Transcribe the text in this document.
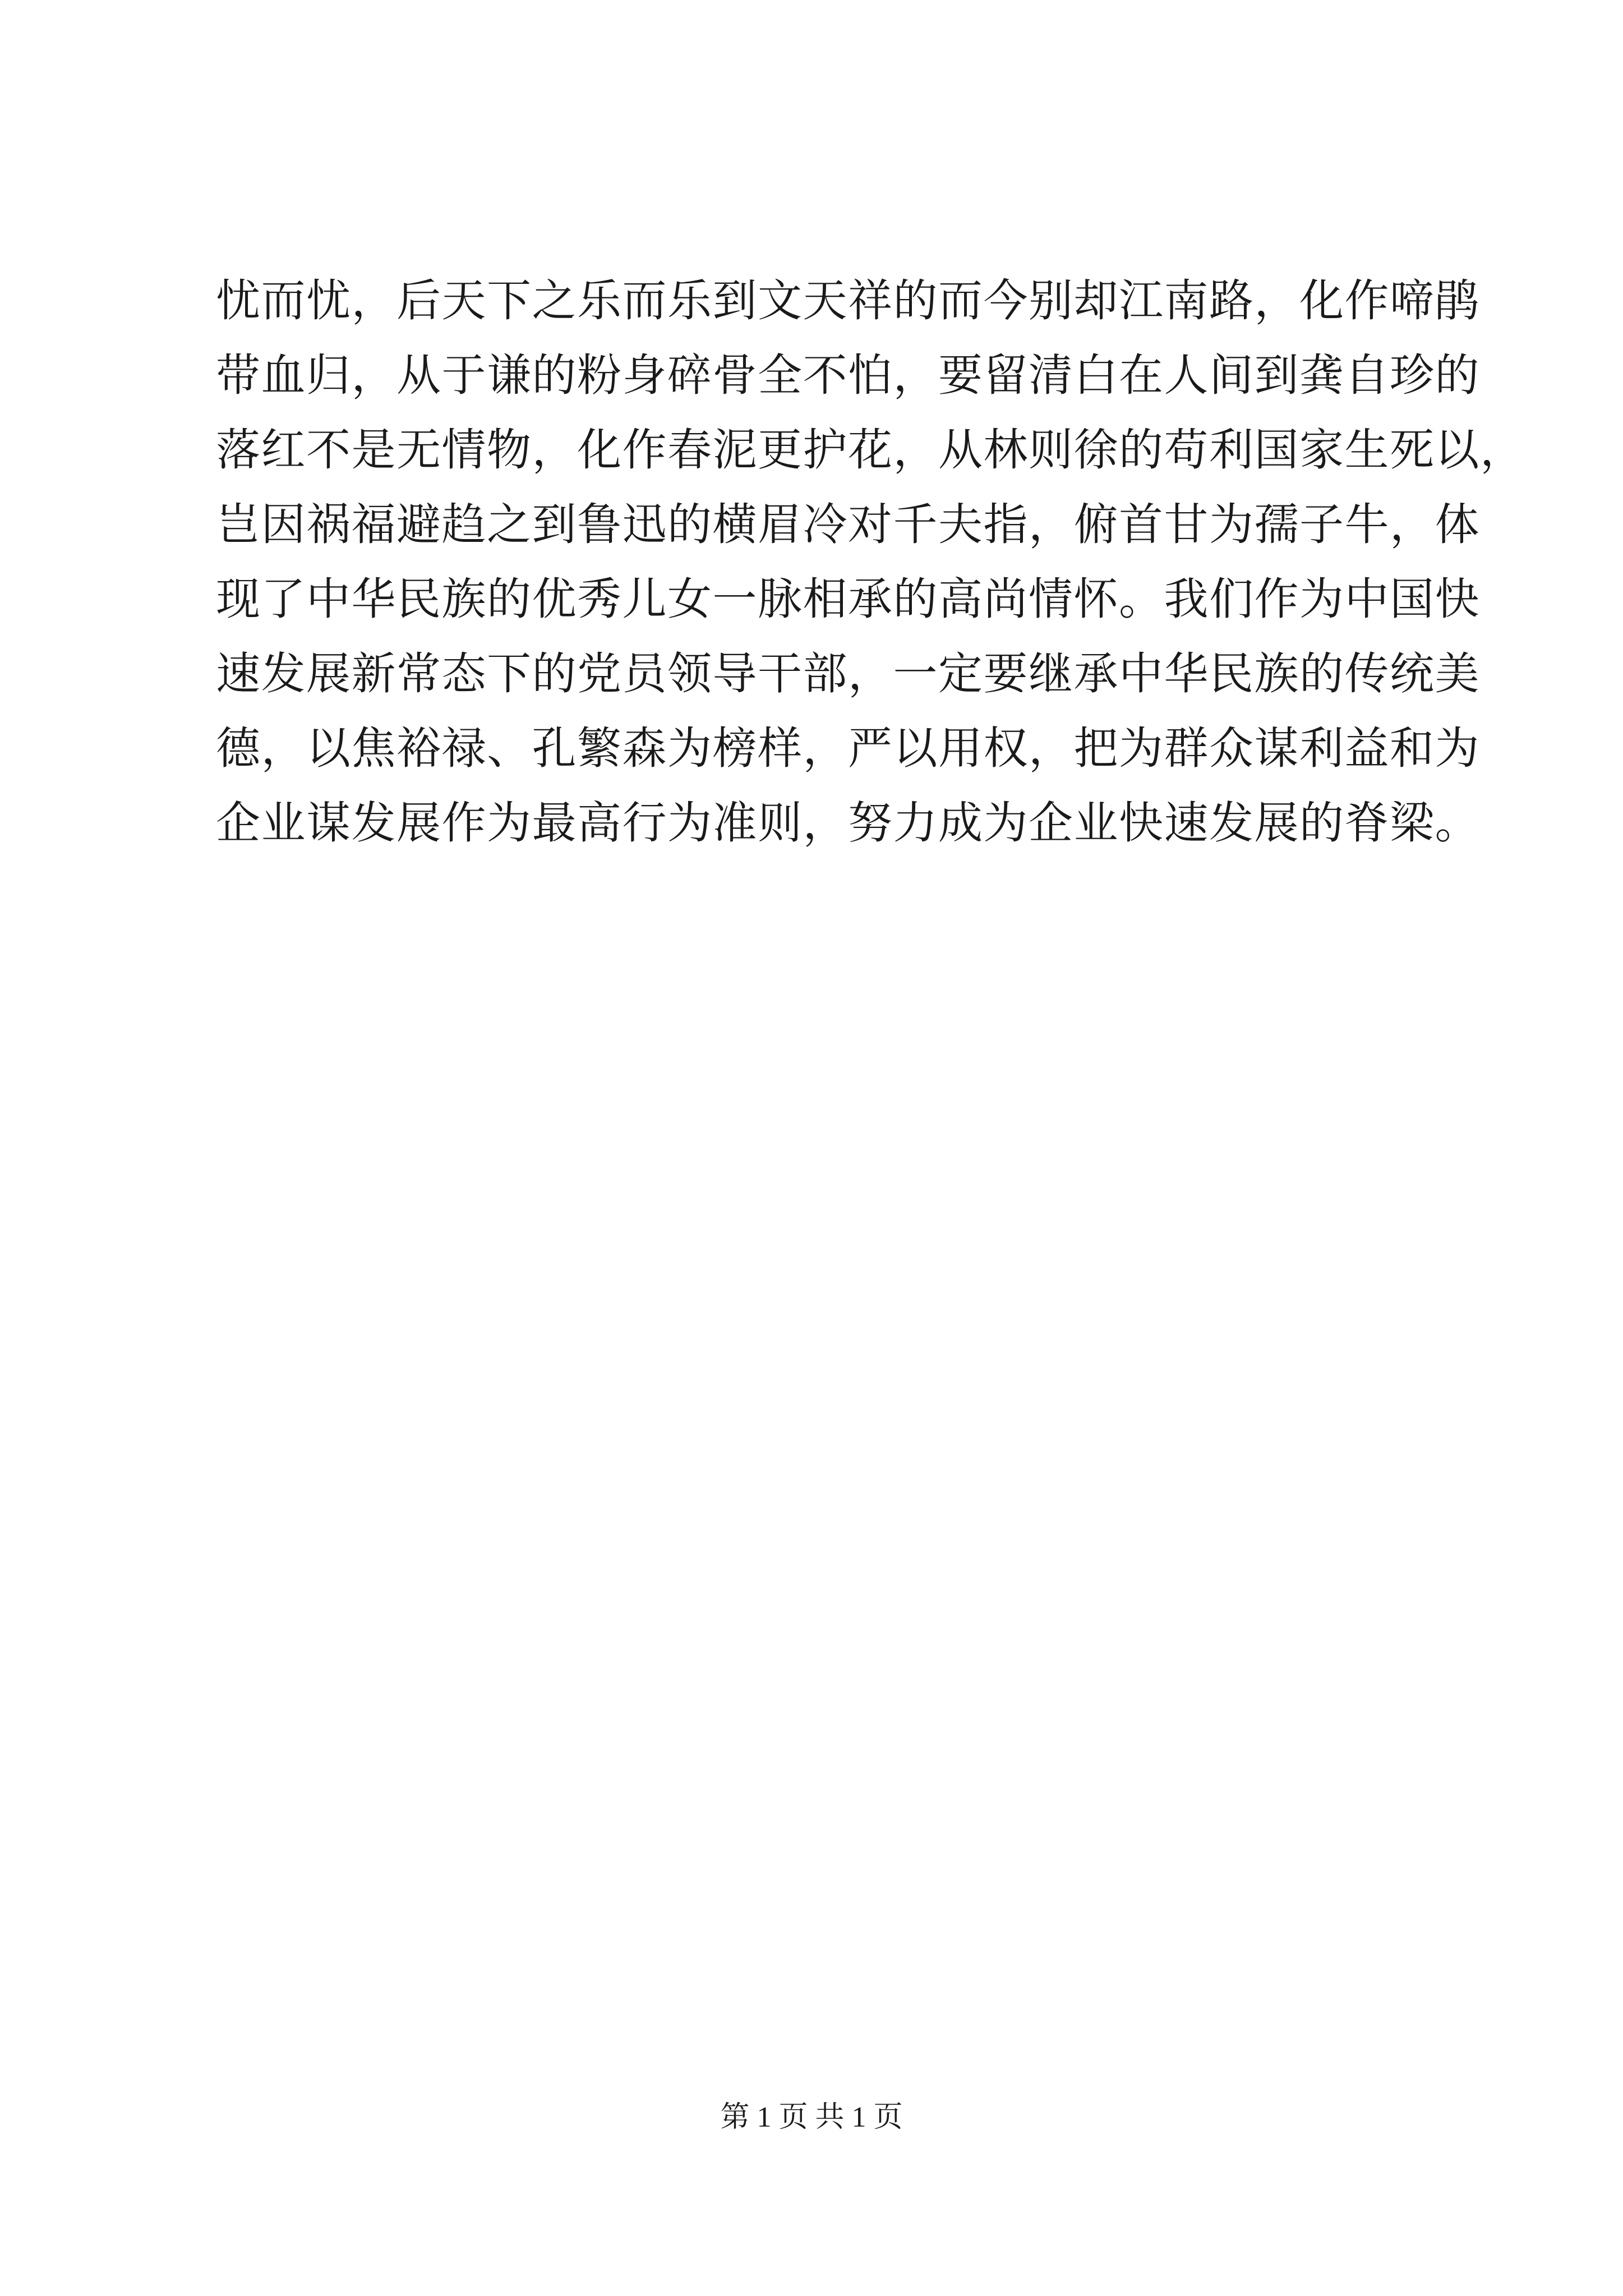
忧而忧，后天下之乐而乐到文天祥的而今别却江南路，化作啼鹃
带血归，从于谦的粉身碎骨全不怕，要留清白在人间到龚自珍的
落红不是无情物，化作春泥更护花，从林则徐的苟利国家生死以，
岂因祸福避趋之到鲁迅的横眉冷对千夫指，俯首甘为孺子牛，体
现了中华民族的优秀儿女一脉相承的高尚情怀。我们作为中国快
速发展新常态下的党员领导干部，一定要继承中华民族的传统美
德，以焦裕禄、孔繁森为榜样，严以用权，把为群众谋利益和为
企业谋发展作为最高行为准则，努力成为企业快速发展的脊梁。
第 1 页 共 1 页
